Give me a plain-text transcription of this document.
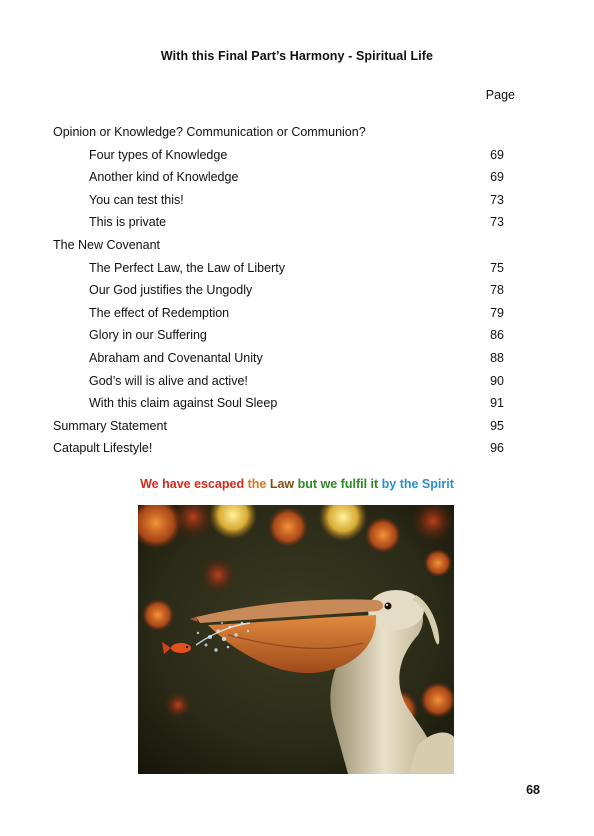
With this Final Part’s Harmony - Spiritual Life
Page
Opinion or Knowledge? Communication or Communion?
Four types of Knowledge	69
Another kind of Knowledge	69
You can test this!	73
This is private	73
The New Covenant
The Perfect Law, the Law of Liberty	75
Our God justifies the Ungodly	78
The effect of Redemption	79
Glory in our Suffering	86
Abraham and Covenantal Unity	88
God’s will is alive and active!	90
With this claim against Soul Sleep	91
Summary Statement	95
Catapult Lifestyle!	96
We have escaped the Law but we fulfil it by the Spirit
68
